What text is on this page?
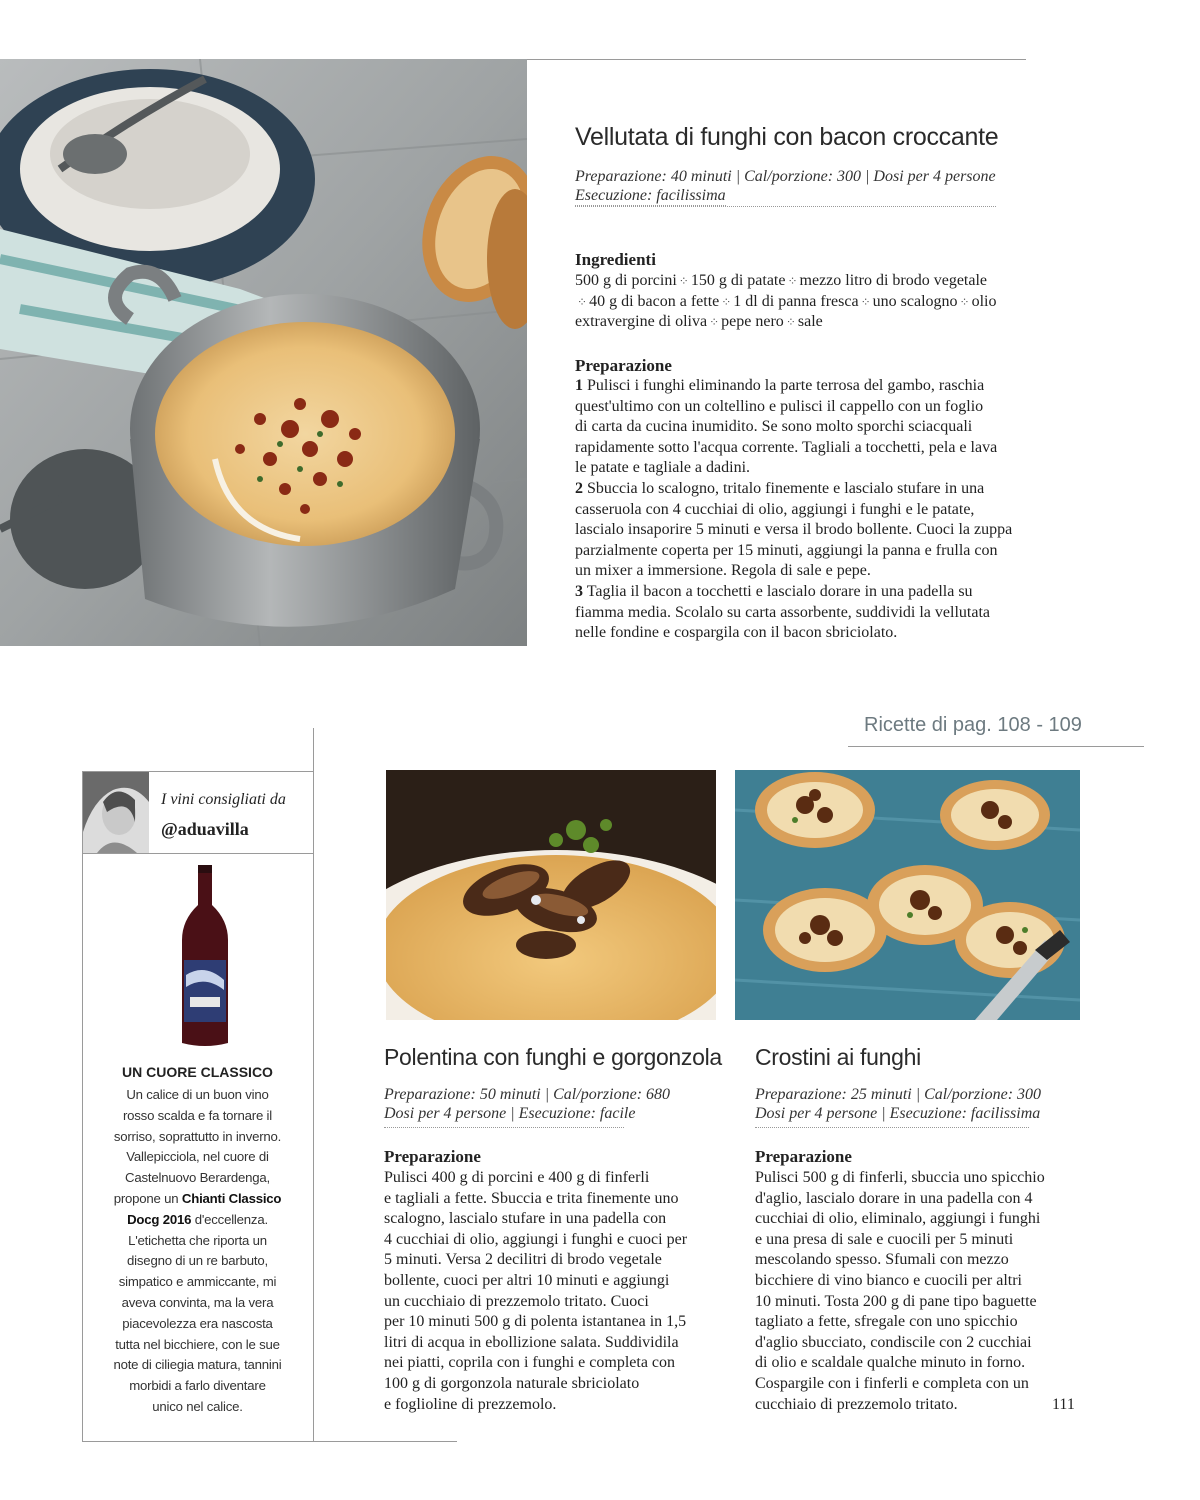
Vellutata di funghi con bacon croccante
Preparazione: 40 minuti | Cal/porzione: 300 | Dosi per 4 persone
Esecuzione: facilissima
Ingredienti
500 g di porcini ⁘ 150 g di patate ⁘ mezzo litro di brodo vegetale
⁘ 40 g di bacon a fette ⁘ 1 dl di panna fresca ⁘ uno scalogno ⁘ olio
extravergine di oliva ⁘ pepe nero ⁘ sale
Preparazione
1 Pulisci i funghi eliminando la parte terrosa del gambo, raschia
quest'ultimo con un coltellino e pulisci il cappello con un foglio
di carta da cucina inumidito. Se sono molto sporchi sciacquali
rapidamente sotto l'acqua corrente. Tagliali a tocchetti, pela e lava
le patate e tagliale a dadini.
2 Sbuccia lo scalogno, tritalo finemente e lascialo stufare in una
casseruola con 4 cucchiai di olio, aggiungi i funghi e le patate,
lascialo insaporire 5 minuti e versa il brodo bollente. Cuoci la zuppa
parzialmente coperta per 15 minuti, aggiungi la panna e frulla con
un mixer a immersione. Regola di sale e pepe.
3 Taglia il bacon a tocchetti e lascialo dorare in una padella su
fiamma media. Scolalo su carta assorbente, suddividi la vellutata
nelle fondine e cospargila con il bacon sbriciolato.
Ricette di pag. 108 - 109
I vini consigliati da
@aduavilla
UN CUORE CLASSICO
Un calice di un buon vino
rosso scalda e fa tornare il
sorriso, soprattutto in inverno.
Vallepicciola, nel cuore di
Castelnuovo Berardenga,
propone un Chianti Classico
Docg 2016 d'eccellenza.
L'etichetta che riporta un
disegno di un re barbuto,
simpatico e ammiccante, mi
aveva convinta, ma la vera
piacevolezza era nascosta
tutta nel bicchiere, con le sue
note di ciliegia matura, tannini
morbidi a farlo diventare
unico nel calice.
Polentina con funghi e gorgonzola
Preparazione: 50 minuti | Cal/porzione: 680
Dosi per 4 persone | Esecuzione: facile
Preparazione
Pulisci 400 g di porcini e 400 g di finferli
e tagliali a fette. Sbuccia e trita finemente uno
scalogno, lascialo stufare in una padella con
4 cucchiai di olio, aggiungi i funghi e cuoci per
5 minuti. Versa 2 decilitri di brodo vegetale
bollente, cuoci per altri 10 minuti e aggiungi
un cucchiaio di prezzemolo tritato. Cuoci
per 10 minuti 500 g di polenta istantanea in 1,5
litri di acqua in ebollizione salata. Suddividila
nei piatti, coprila con i funghi e completa con
100 g di gorgonzola naturale sbriciolato
e foglioline di prezzemolo.
Crostini ai funghi
Preparazione: 25 minuti | Cal/porzione: 300
Dosi per 4 persone | Esecuzione: facilissima
Preparazione
Pulisci 500 g di finferli, sbuccia uno spicchio
d'aglio, lascialo dorare in una padella con 4
cucchiai di olio, eliminalo, aggiungi i funghi
e una presa di sale e cuocili per 5 minuti
mescolando spesso. Sfumali con mezzo
bicchiere di vino bianco e cuocili per altri
10 minuti. Tosta 200 g di pane tipo baguette
tagliato a fette, sfregale con uno spicchio
d'aglio sbucciato, condiscile con 2 cucchiai
di olio e scaldale qualche minuto in forno.
Cospargile con i finferli e completa con un
cucchiaio di prezzemolo tritato.	111
